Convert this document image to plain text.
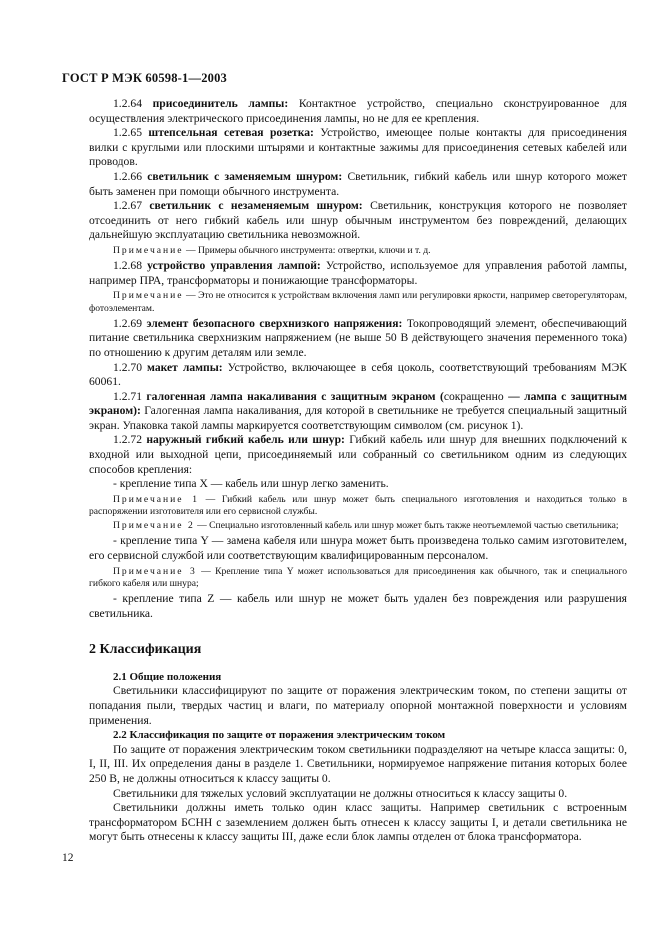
ГОСТ Р МЭК 60598-1—2003

1.2.64 присоединитель лампы: Контактное устройство, специально сконструированное для осуществления электрического присоединения лампы, но не для ее крепления.

1.2.65 штепсельная сетевая розетка: Устройство, имеющее полые контакты для присоединения вилки с круглыми или плоскими штырями и контактные зажимы для присоединения сетевых кабелей или проводов.

1.2.66 светильник с заменяемым шнуром: Светильник, гибкий кабель или шнур которого может быть заменен при помощи обычного инструмента.

1.2.67 светильник с незаменяемым шнуром: Светильник, конструкция которого не позволяет отсоединить от него гибкий кабель или шнур обычным инструментом без повреждений, делающих дальнейшую эксплуатацию светильника невозможной.

Примечание — Примеры обычного инструмента: отвертки, ключи и т. д.

1.2.68 устройство управления лампой: Устройство, используемое для управления работой лампы, например ПРА, трансформаторы и понижающие трансформаторы.

Примечание — Это не относится к устройствам включения ламп или регулировки яркости, например светорегуляторам, фотоэлементам.

1.2.69 элемент безопасного сверхнизкого напряжения: Токопроводящий элемент, обеспечивающий питание светильника сверхнизким напряжением (не выше 50 В действующего значения переменного тока) по отношению к другим деталям или земле.

1.2.70 макет лампы: Устройство, включающее в себя цоколь, соответствующий требованиям МЭК 60061.

1.2.71 галогенная лампа накаливания с защитным экраном (сокращенно — лампа с защитным экраном): Галогенная лампа накаливания, для которой в светильнике не требуется специальный защитный экран. Упаковка такой лампы маркируется соответствующим символом (см. рисунок 1).

1.2.72 наружный гибкий кабель или шнур: Гибкий кабель или шнур для внешних подключений к входной или выходной цепи, присоединяемый или собранный со светильником одним из следующих способов крепления:

- крепление типа Х — кабель или шнур легко заменить.

Примечание 1 — Гибкий кабель или шнур может быть специального изготовления и находиться только в распоряжении изготовителя или его сервисной службы.

Примечание 2 — Специально изготовленный кабель или шнур может быть также неотъемлемой частью светильника;

- крепление типа Y — замена кабеля или шнура может быть произведена только самим изготовителем, его сервисной службой или соответствующим квалифицированным персоналом.

Примечание 3 — Крепление типа Y может использоваться для присоединения как обычного, так и специального гибкого кабеля или шнура;

- крепление типа Z — кабель или шнур не может быть удален без повреждения или разрушения светильника.

2 Классификация

2.1 Общие положения

Светильники классифицируют по защите от поражения электрическим током, по степени защиты от попадания пыли, твердых частиц и влаги, по материалу опорной монтажной поверхности и условиям применения.

2.2 Классификация по защите от поражения электрическим током

По защите от поражения электрическим током светильники подразделяют на четыре класса защиты: 0, I, II, III. Их определения даны в разделе 1. Светильники, нормируемое напряжение питания которых более 250 В, не должны относиться к классу защиты 0.

Светильники для тяжелых условий эксплуатации не должны относиться к классу защиты 0.

Светильники должны иметь только один класс защиты. Например светильник с встроенным трансформатором БСНН с заземлением должен быть отнесен к классу защиты I, и детали светильника не могут быть отнесены к классу защиты III, даже если блок лампы отделен от блока трансформатора.

12
